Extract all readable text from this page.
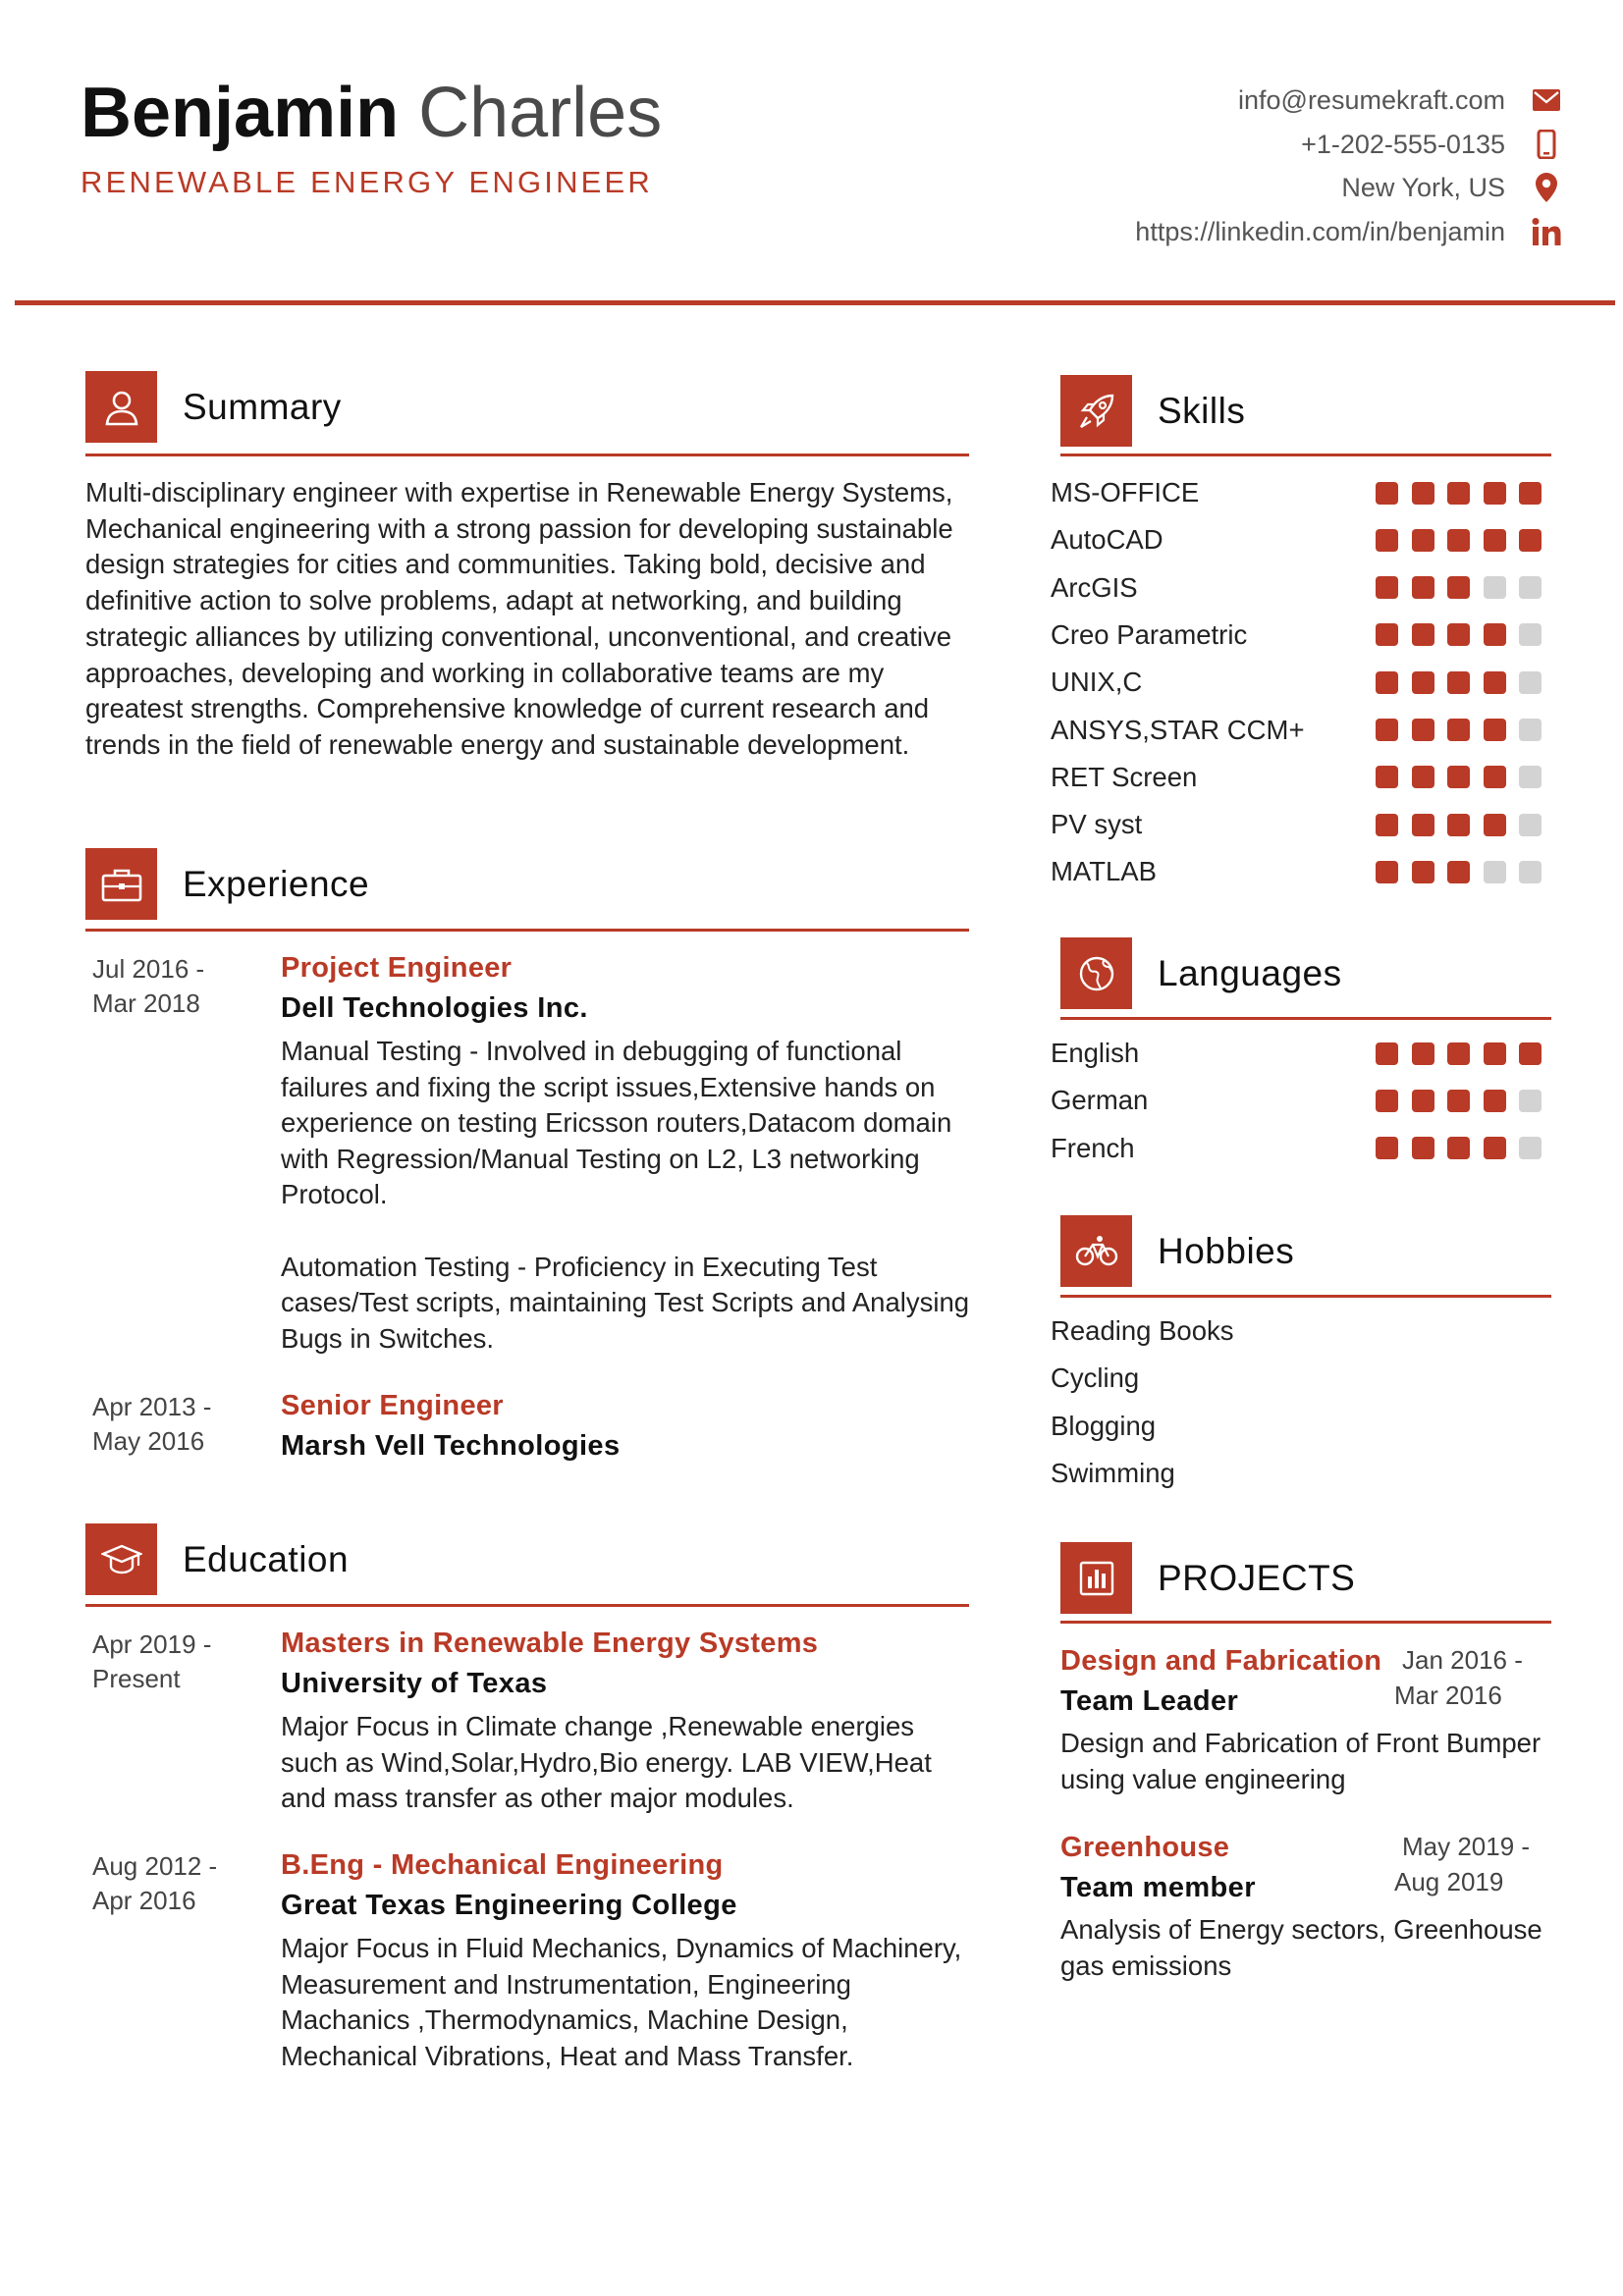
Benjamin Charles
RENEWABLE ENERGY ENGINEER
info@resumekraft.com
+1-202-555-0135
New York, US
https://linkedin.com/in/benjamin
Summary
Multi-disciplinary engineer with expertise in Renewable Energy Systems, Mechanical engineering with a strong passion for developing sustainable design strategies for cities and communities. Taking bold, decisive and definitive action to solve problems, adapt at networking, and building strategic alliances by utilizing conventional, unconventional, and creative approaches, developing and working in collaborative teams are my greatest strengths. Comprehensive knowledge of current research and trends in the field of renewable energy and sustainable development.
Experience
Jul 2016 -
Mar 2018
Project Engineer
Dell Technologies Inc.

Manual Testing - Involved in debugging of functional failures and fixing the script issues,Extensive hands on experience on testing Ericsson routers,Datacom domain with Regression/Manual Testing on L2, L3 networking Protocol.

Automation Testing - Proficiency in Executing Test cases/Test scripts, maintaining Test Scripts and Analysing Bugs in Switches.

Apr 2013 -
May 2016
Senior Engineer
Marsh Vell Technologies
Education
Apr 2019 -
Present
Masters in Renewable Energy Systems
University of Texas
Major Focus in Climate change ,Renewable energies such as Wind,Solar,Hydro,Bio energy. LAB VIEW,Heat and mass transfer as other major modules.
Aug 2012 -
Apr 2016
B.Eng - Mechanical Engineering
Great Texas Engineering College
Major Focus in Fluid Mechanics, Dynamics of Machinery, Measurement and Instrumentation, Engineering Machanics ,Thermodynamics, Machine Design, Mechanical Vibrations, Heat and Mass Transfer.
Skills
MS-OFFICE
AutoCAD
ArcGIS
Creo Parametric
UNIX,C
ANSYS,STAR CCM+
RET Screen
PV syst
MATLAB
Languages
English
German
French
Hobbies
Reading Books
Cycling
Blogging
Swimming
PROJECTS
Design and Fabrication Jan 2016 -
Mar 2016
Team Leader
Design and Fabrication of Front Bumper using value engineering
Greenhouse	May 2019 -
Aug 2019
Team member
Analysis of Energy sectors, Greenhouse gas emissions
